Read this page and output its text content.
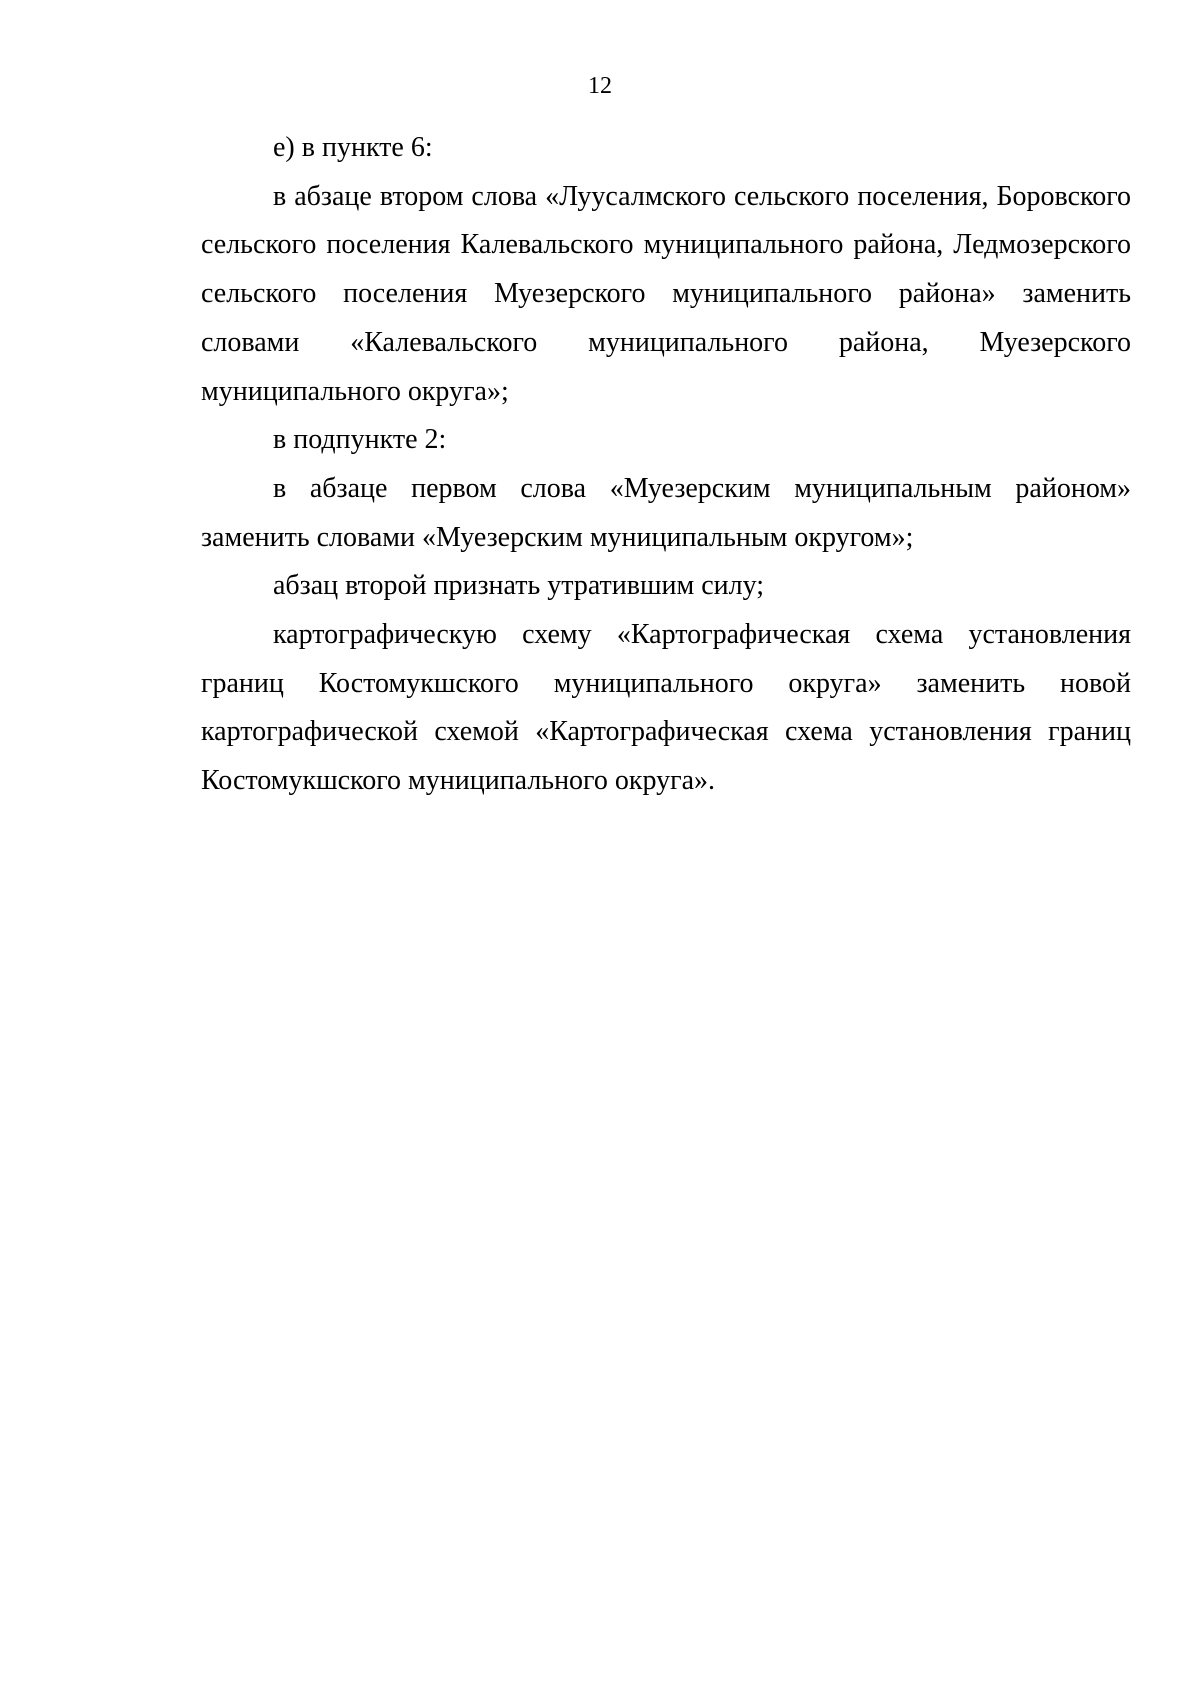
12

е) в пункте 6:

в абзаце втором слова «Луусалмского сельского поселения, Боровского сельского поселения Калевальского муниципального района, Ледмозерского сельского поселения Муезерского муниципального района» заменить словами «Калевальского муниципального района, Муезерского муниципального округа»;

в подпункте 2:

в абзаце первом слова «Муезерским муниципальным районом» заменить словами «Муезерским муниципальным округом»;

абзац второй признать утратившим силу;

картографическую схему «Картографическая схема установления границ Костомукшского муниципального округа» заменить новой картографической схемой «Картографическая схема установления границ Костомукшского муниципального округа».
